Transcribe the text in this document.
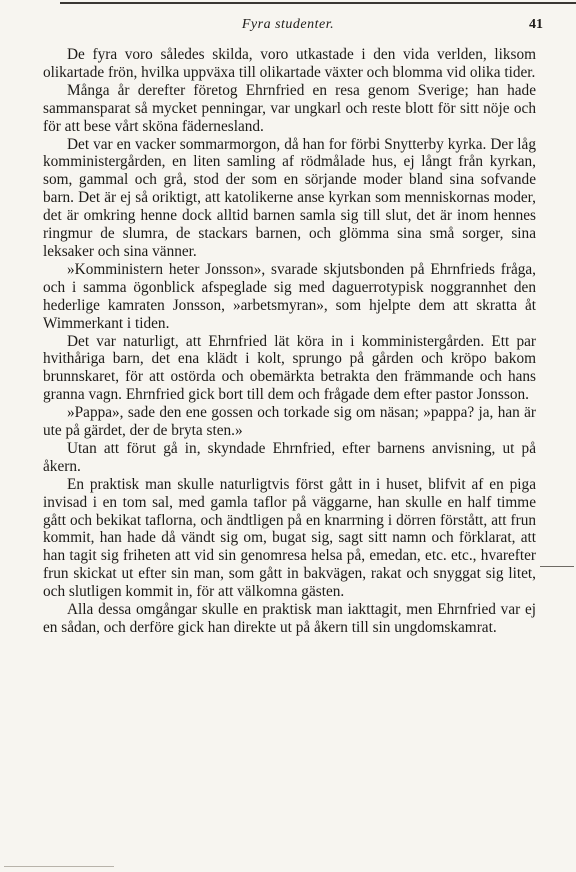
Fyra studenter.	41

De fyra voro således skilda, voro utkastade i den vida verlden, liksom olikartade frön, hvilka uppväxa till olikartade växter och blomma vid olika tider.

Många år derefter företog Ehrnfried en resa genom Sverige; han hade sammansparat så mycket penningar, var ungkarl och reste blott för sitt nöje och för att bese vårt sköna fädernesland.

Det var en vacker sommarmorgon, då han for förbi Snytterby kyrka. Der låg komministergården, en liten samling af rödmålade hus, ej långt från kyrkan, som, gammal och grå, stod der som en sörjande moder bland sina sofvande barn. Det är ej så oriktigt, att katolikerne anse kyrkan som menniskornas moder, det är omkring henne dock alltid barnen samla sig till slut, det är inom hennes ringmur de slumra, de stackars barnen, och glömma sina små sorger, sina leksaker och sina vänner.

»Komministern heter Jonsson», svarade skjutsbonden på Ehrnfrieds fråga, och i samma ögonblick afspeglade sig med daguerrotypisk noggrannhet den hederlige kamraten Jonsson, »arbetsmyran», som hjelpte dem att skratta åt Wimmerkant i tiden.

Det var naturligt, att Ehrnfried lät köra in i komministergården. Ett par hvithåriga barn, det ena klädt i kolt, sprungo på gården och kröpo bakom brunnskaret, för att ostörda och obemärkta betrakta den främmande och hans granna vagn. Ehrnfried gick bort till dem och frågade dem efter pastor Jonsson.

»Pappa», sade den ene gossen och torkade sig om näsan; »pappa? ja, han är ute på gärdet, der de bryta sten.»

Utan att förut gå in, skyndade Ehrnfried, efter barnens anvisning, ut på åkern.

En praktisk man skulle naturligtvis först gått in i huset, blifvit af en piga invisad i en tom sal, med gamla taflor på väggarne, han skulle en half timme gått och bekikat taflorna, och ändtligen på en knarrning i dörren förstått, att frun kommit, han hade då vändt sig om, bugat sig, sagt sitt namn och förklarat, att han tagit sig friheten att vid sin genomresa helsa på, emedan, etc. etc., hvarefter frun skickat ut efter sin man, som gått in bakvägen, rakat och snyggat sig litet, och slutligen kommit in, för att välkomna gästen.

Alla dessa omgångar skulle en praktisk man iakttagit, men Ehrnfried var ej en sådan, och derföre gick han direkte ut på åkern till sin ungdomskamrat.
